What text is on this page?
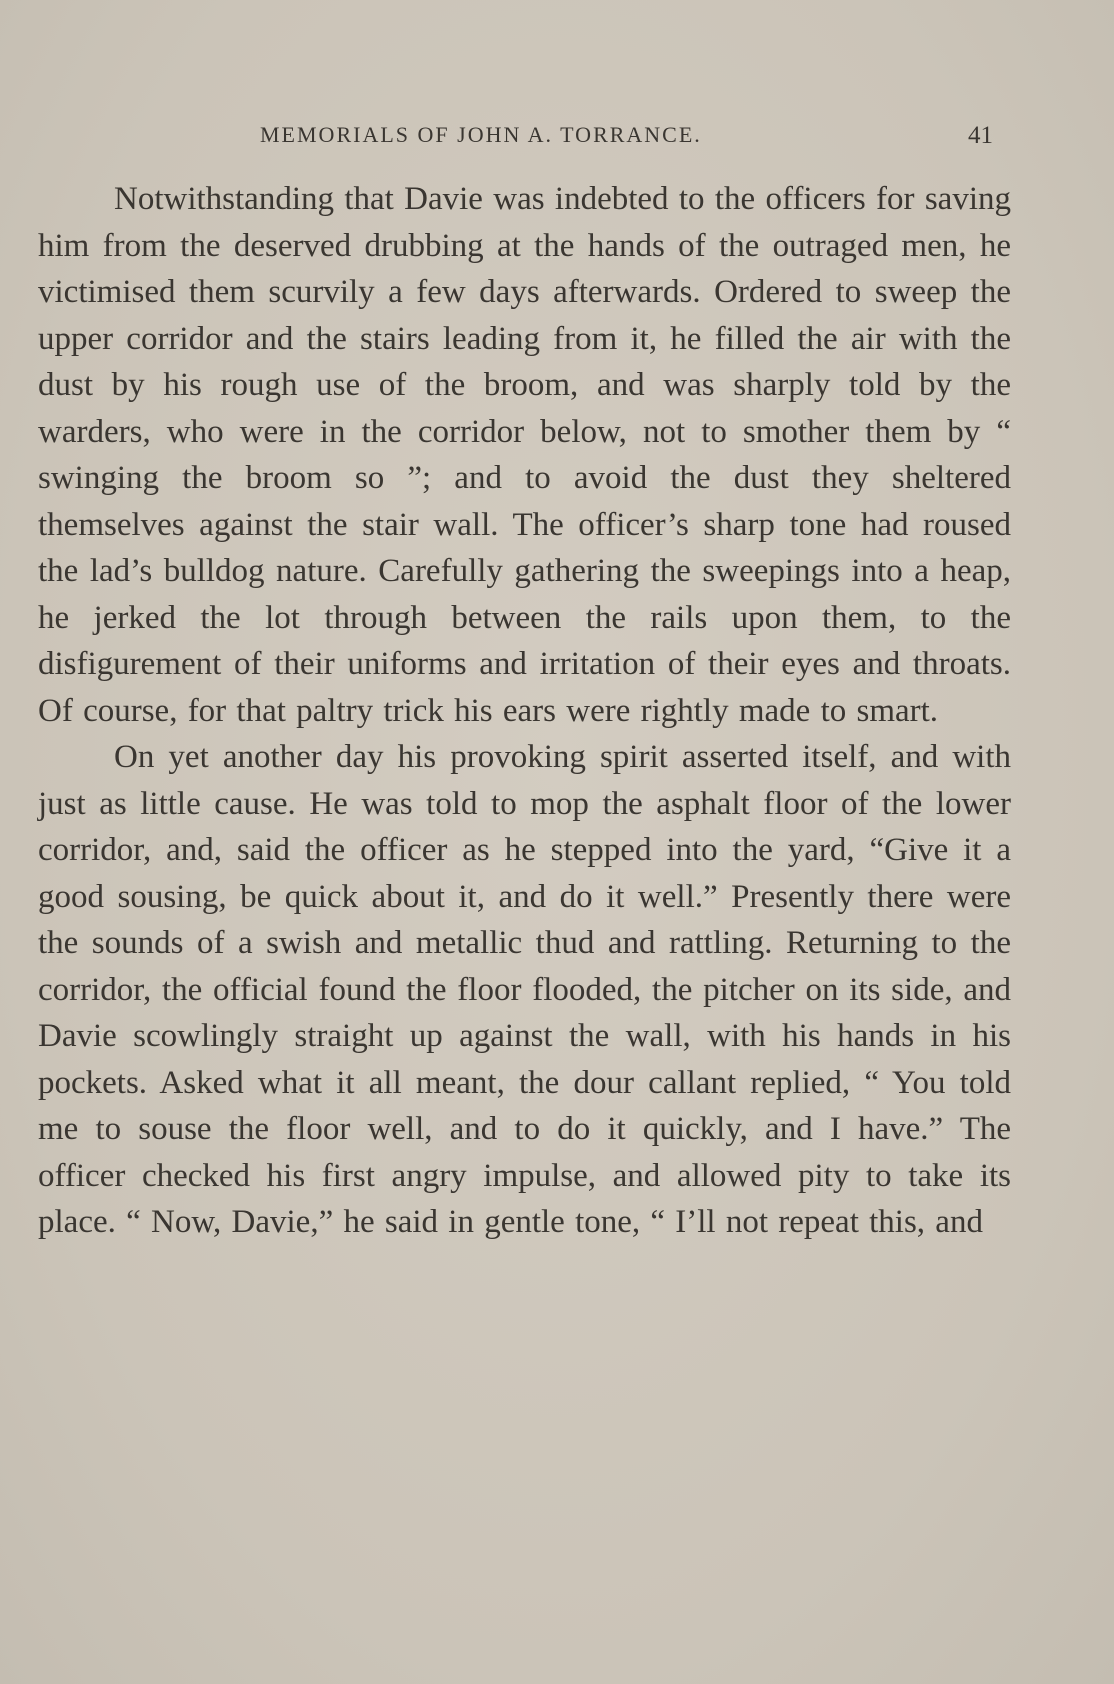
MEMORIALS OF JOHN A. TORRANCE.	41

Notwithstanding that Davie was indebted to the officers for saving him from the deserved drubbing at the hands of the outraged men, he victimised them scurvily a few days afterwards. Ordered to sweep the upper corridor and the stairs leading from it, he filled the air with the dust by his rough use of the broom, and was sharply told by the warders, who were in the corridor below, not to smother them by “ swinging the broom so ”; and to avoid the dust they sheltered themselves against the stair wall. The officer’s sharp tone had roused the lad’s bulldog nature. Carefully gathering the sweepings into a heap, he jerked the lot through between the rails upon them, to the disfigurement of their uniforms and irritation of their eyes and throats. Of course, for that paltry trick his ears were rightly made to smart.

On yet another day his provoking spirit asserted itself, and with just as little cause. He was told to mop the asphalt floor of the lower corridor, and, said the officer as he stepped into the yard, “Give it a good sousing, be quick about it, and do it well.” Presently there were the sounds of a swish and metallic thud and rattling. Returning to the corridor, the official found the floor flooded, the pitcher on its side, and Davie scowlingly straight up against the wall, with his hands in his pockets. Asked what it all meant, the dour callant replied, “ You told me to souse the floor well, and to do it quickly, and I have.” The officer checked his first angry impulse, and allowed pity to take its place. “ Now, Davie,” he said in gentle tone, “ I’ll not repeat this, and
